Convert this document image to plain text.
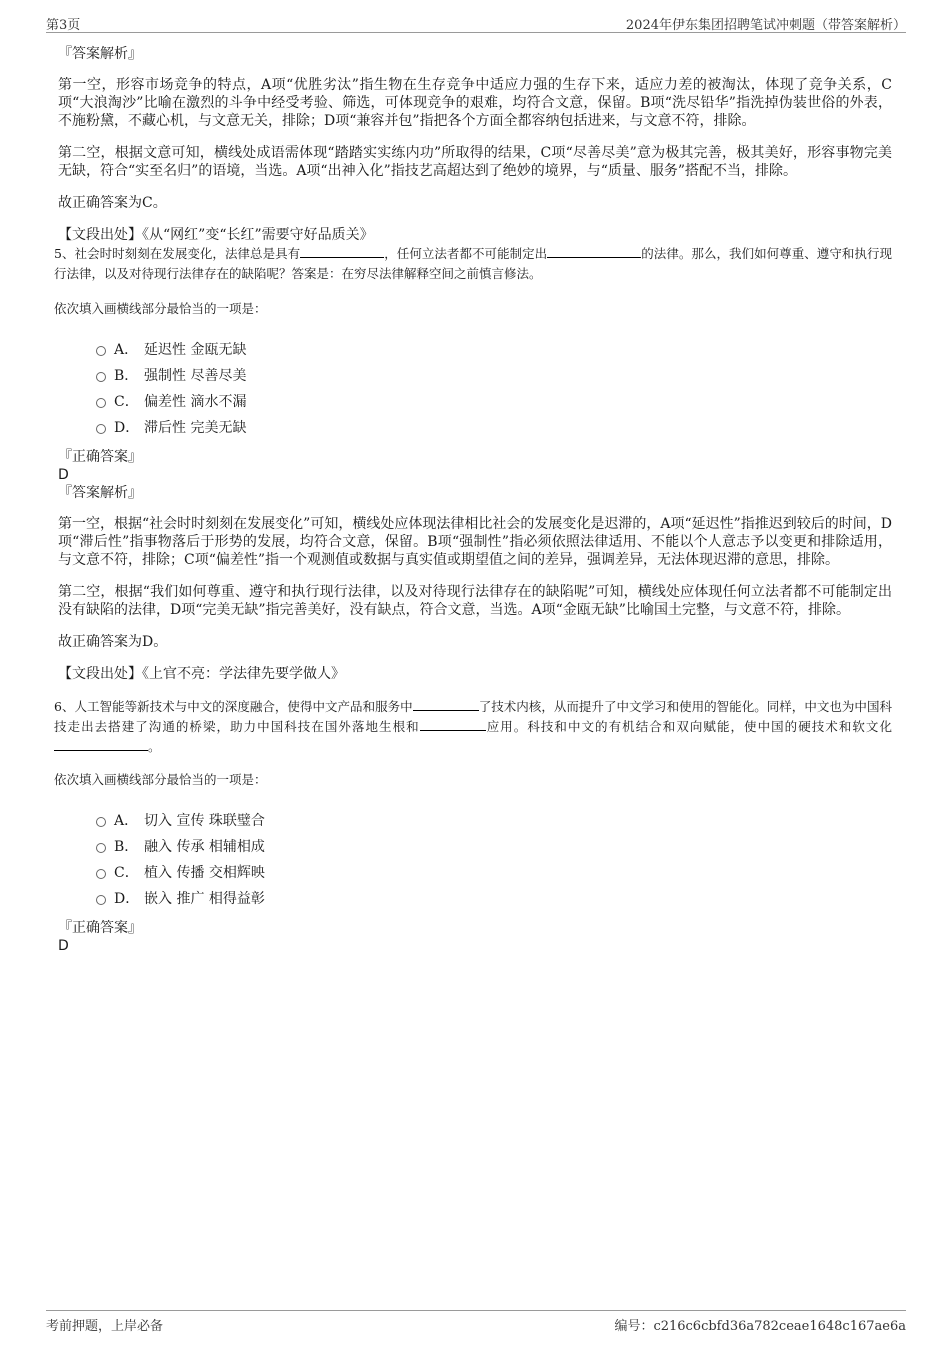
第3页	2024年伊东集团招聘笔试冲刺题（带答案解析）

『答案解析』

第一空，形容市场竞争的特点，A项“优胜劣汰”指生物在生存竞争中适应力强的生存下来，适应力差的被淘汰，体现了竞争关系，C项“大浪淘沙”比喻在激烈的斗争中经受考验、筛选，可体现竞争的艰难，均符合文意，保留。B项“洗尽铅华”指洗掉伪装世俗的外表，不施粉黛，不藏心机，与文意无关，排除；D项“兼容并包”指把各个方面全都容纳包括进来，与文意不符，排除。

第二空，根据文意可知，横线处成语需体现“踏踏实实练内功”所取得的结果，C项“尽善尽美”意为极其完善，极其美好，形容事物完美无缺，符合“实至名归”的语境，当选。A项“出神入化”指技艺高超达到了绝妙的境界，与“质量、服务”搭配不当，排除。

故正确答案为C。

【文段出处】《从“网红”变“长红”需要守好品质关》

5、社会时时刻刻在发展变化，法律总是具有	，任何立法者都不可能制定出	的法律。那么，我们如何尊重、遵守和执行现行法律，以及对待现行法律存在的缺陷呢？答案是：在穷尽法律解释空间之前慎言修法。

依次填入画横线部分最恰当的一项是：

A． 延迟性 金瓯无缺
B． 强制性 尽善尽美
C． 偏差性 滴水不漏
D． 滞后性 完美无缺

『正确答案』

D

『答案解析』

第一空，根据“社会时时刻刻在发展变化”可知，横线处应体现法律相比社会的发展变化是迟滞的，A项“延迟性”指推迟到较后的时间，D项“滞后性”指事物落后于形势的发展，均符合文意，保留。B项“强制性”指必须依照法律适用、不能以个人意志予以变更和排除适用，与文意不符，排除；C项“偏差性”指一个观测值或数据与真实值或期望值之间的差异，强调差异，无法体现迟滞的意思，排除。

第二空，根据“我们如何尊重、遵守和执行现行法律，以及对待现行法律存在的缺陷呢”可知，横线处应体现任何立法者都不可能制定出没有缺陷的法律，D项“完美无缺”指完善美好，没有缺点，符合文意，当选。A项“金瓯无缺”比喻国土完整，与文意不符，排除。

故正确答案为D。

【文段出处】《上官不亮：学法律先要学做人》

6、人工智能等新技术与中文的深度融合，使得中文产品和服务中	了技术内核，从而提升了中文学习和使用的智能化。同样，中文也为中国科技走出去搭建了沟通的桥梁，助力中国科技在国外落地生根和	应用。科技和中文的有机结合和双向赋能，使中国的硬技术和软文化。

依次填入画横线部分最恰当的一项是：

A． 切入 宣传 珠联璧合
B． 融入 传承 相辅相成
C． 植入 传播 交相辉映
D． 嵌入 推广 相得益彰

『正确答案』

D

考前押题，上岸必备	编号：c216c6cbfd36a782ceae1648c167ae6a
